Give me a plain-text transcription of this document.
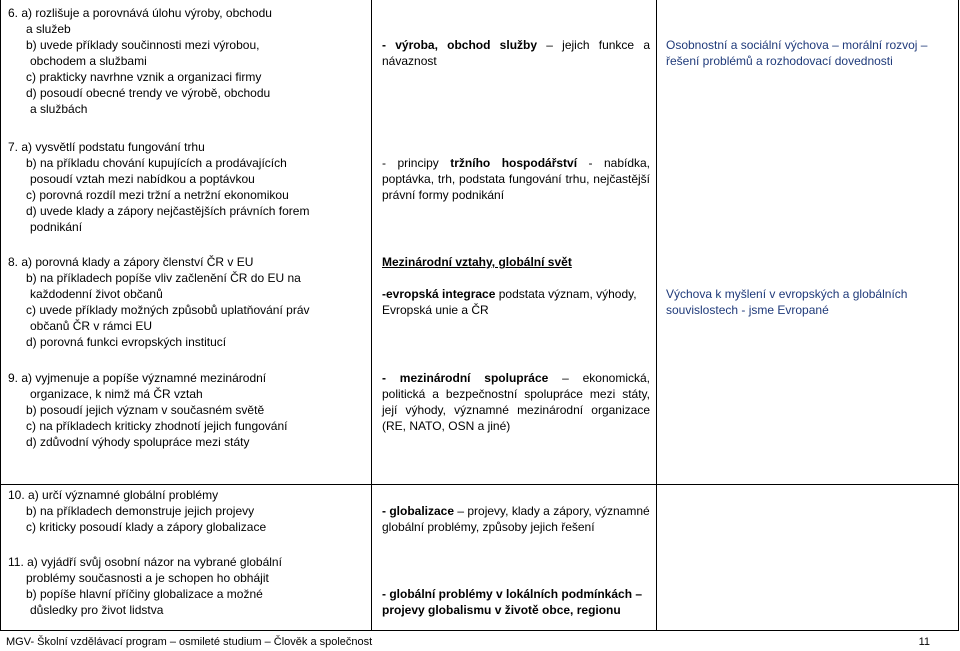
6. a) rozlišuje a porovnává úlohu výroby, obchodu
a služeb
b) uvede příklady součinnosti mezi výrobou,
obchodem a službami
c) prakticky navrhne vznik a organizaci firmy
d) posoudí obecné trendy ve výrobě, obchodu
a službách
- výroba, obchod služby – jejich funkce a návaznost
Osobnostní a sociální výchova – morální rozvoj – řešení problémů a rozhodovací dovednosti
7. a) vysvětlí podstatu fungování trhu
b) na příkladu chování kupujících a prodávajících
posoudí vztah mezi nabídkou a poptávkou
c) porovná rozdíl mezi tržní a netržní ekonomikou
d) uvede klady a zápory nejčastějších právních forem
podnikání
- principy tržního hospodářství - nabídka, poptávka, trh, podstata fungování trhu, nejčastější právní formy podnikání
8. a) porovná klady a zápory členství ČR v EU
b) na příkladech popíše vliv začlenění ČR do EU na
každodenní život občanů
c) uvede příklady možných způsobů uplatňování práv
občanů ČR v rámci EU
d) porovná funkci evropských institucí
Mezinárodní vztahy, globální svět
-evropská integrace podstata význam, výhody, Evropská unie a ČR
Výchova k myšlení v evropských a globálních souvislostech - jsme Evropané
9. a) vyjmenuje a popíše významné mezinárodní
organizace, k nimž má ČR vztah
b) posoudí jejich význam v současném světě
c) na příkladech kriticky zhodnotí jejich fungování
d) zdůvodní výhody spolupráce mezi státy
- mezinárodní spolupráce – ekonomická, politická a bezpečnostní spolupráce mezi státy, její výhody, významné mezinárodní organizace (RE, NATO, OSN a jiné)
10. a) určí významné globální problémy
b) na příkladech demonstruje jejich projevy
c) kriticky posoudí klady a zápory globalizace
- globalizace – projevy, klady a zápory, významné globální problémy, způsoby jejich řešení
11. a) vyjádří svůj osobní názor na vybrané globální
problémy současnosti a je schopen ho obhájit
b) popíše hlavní příčiny globalizace a možné
důsledky pro život lidstva
- globální problémy v lokálních podmínkách –
projevy globalismu v životě obce, regionu
MGV- Školní vzdělávací program – osmileté studium – Člověk a společnost	11
